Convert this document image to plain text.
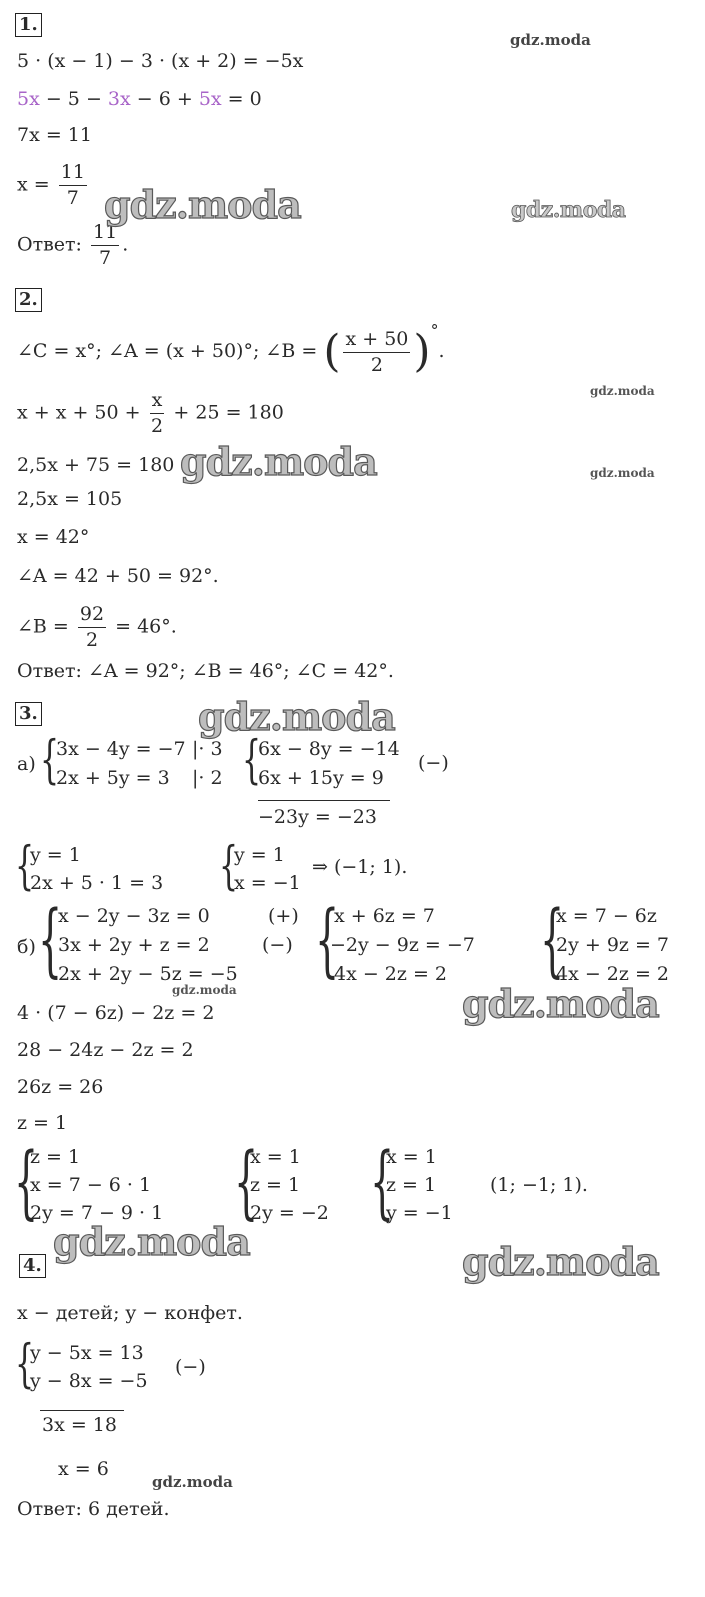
1.
5 · (x − 1) − 3 · (x + 2) = −5x
5x − 5 − 3x − 6 + 5x = 0
7x = 11
$x = \frac{11}{7}$
Ответ: $\frac{11}{7}$ .
2.
∠C = x°; ∠A = (x + 50)°; ∠B = ( $\frac{x + 50}{2} )^\circ$.
$x + x + 50 + \frac{x}{2} + 25 = 180$
2,5x + 75 = 180
2,5x = 105
x = 42°
∠A = 42 + 50 = 92°.
∠B = $\frac{92}{2} = 46^\circ$.
Ответ: ∠A = 92°; ∠B = 46°; ∠C = 42°.
3.
а) {
3x − 4y = −7 |· 3
2x + 5y = 3 |· 2 {
6x − 8y = −14
6x + 15y = 9
(−)
−23y = −23
{
y = 1
2x + 5 · 1 = 3 {
y = 1
x = −1
⇒ (−1; 1).
б) {
x − 2y − 3z = 0	(+)
3x + 2y + z = 2	(−)
2x + 2y − 5z = −5 {
x + 6z = 7
−2y − 9z = −7
4x − 2z = 2 {
x = 7 − 6z
2y + 9z = 7
4x − 2z = 2
4 · (7 − 6z) − 2z = 2
28 − 24z − 2z = 2
26z = 26
z = 1
{
z = 1
x = 7 − 6 · 1
2y = 7 − 9 · 1 {
x = 1
z = 1
2y = −2 {
x = 1
z = 1
y = −1
(1; −1; 1).
4.
x − детей; y − конфет.
{
y − 5x = 13
y − 8x = −5
(−)
3x = 18
x = 6
Ответ: 6 детей.
gdz.moda
gdz.moda	gdz.moda
gdz.moda
gdz.moda	gdz.moda
gdz.moda
gdz.moda	gdz.moda
gdz.moda	gdz.moda
gdz.moda
